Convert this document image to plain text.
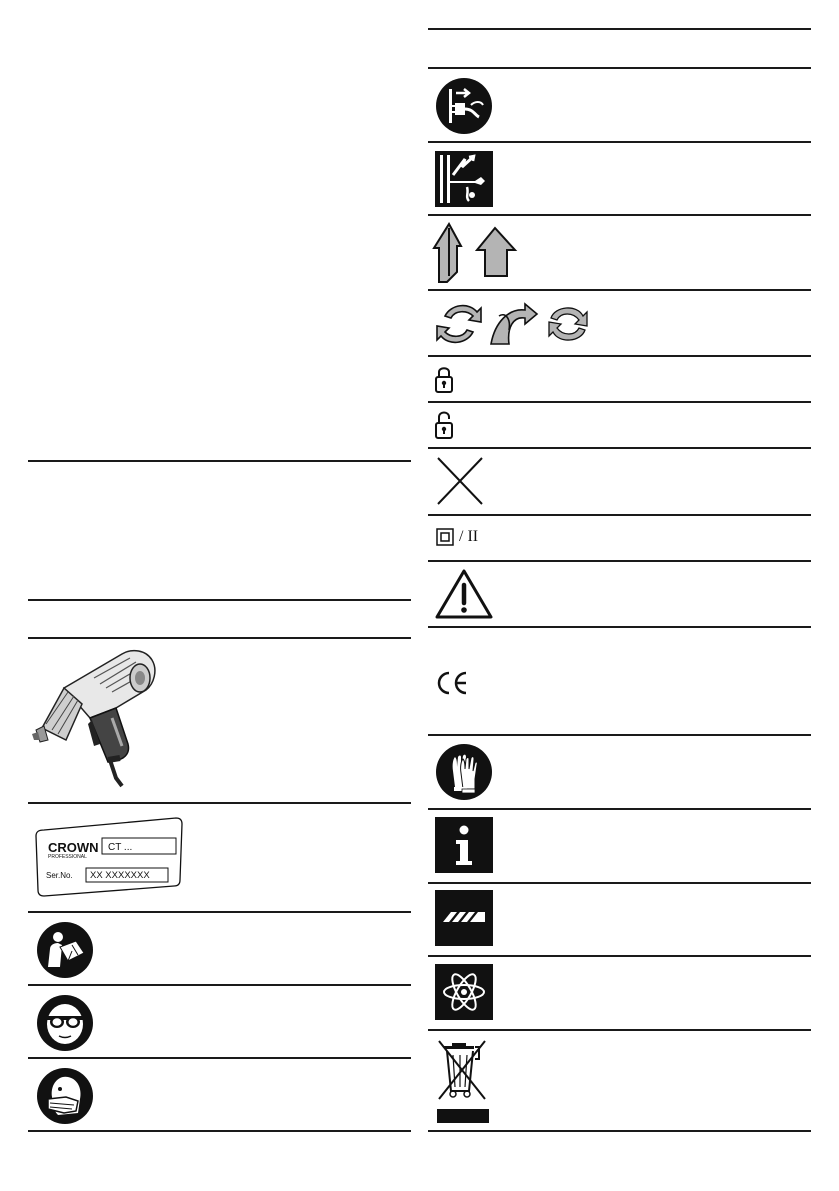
/ II
CROWN
PROFESSIONAL
CT ...
Ser.No. XX XXXXXXX
